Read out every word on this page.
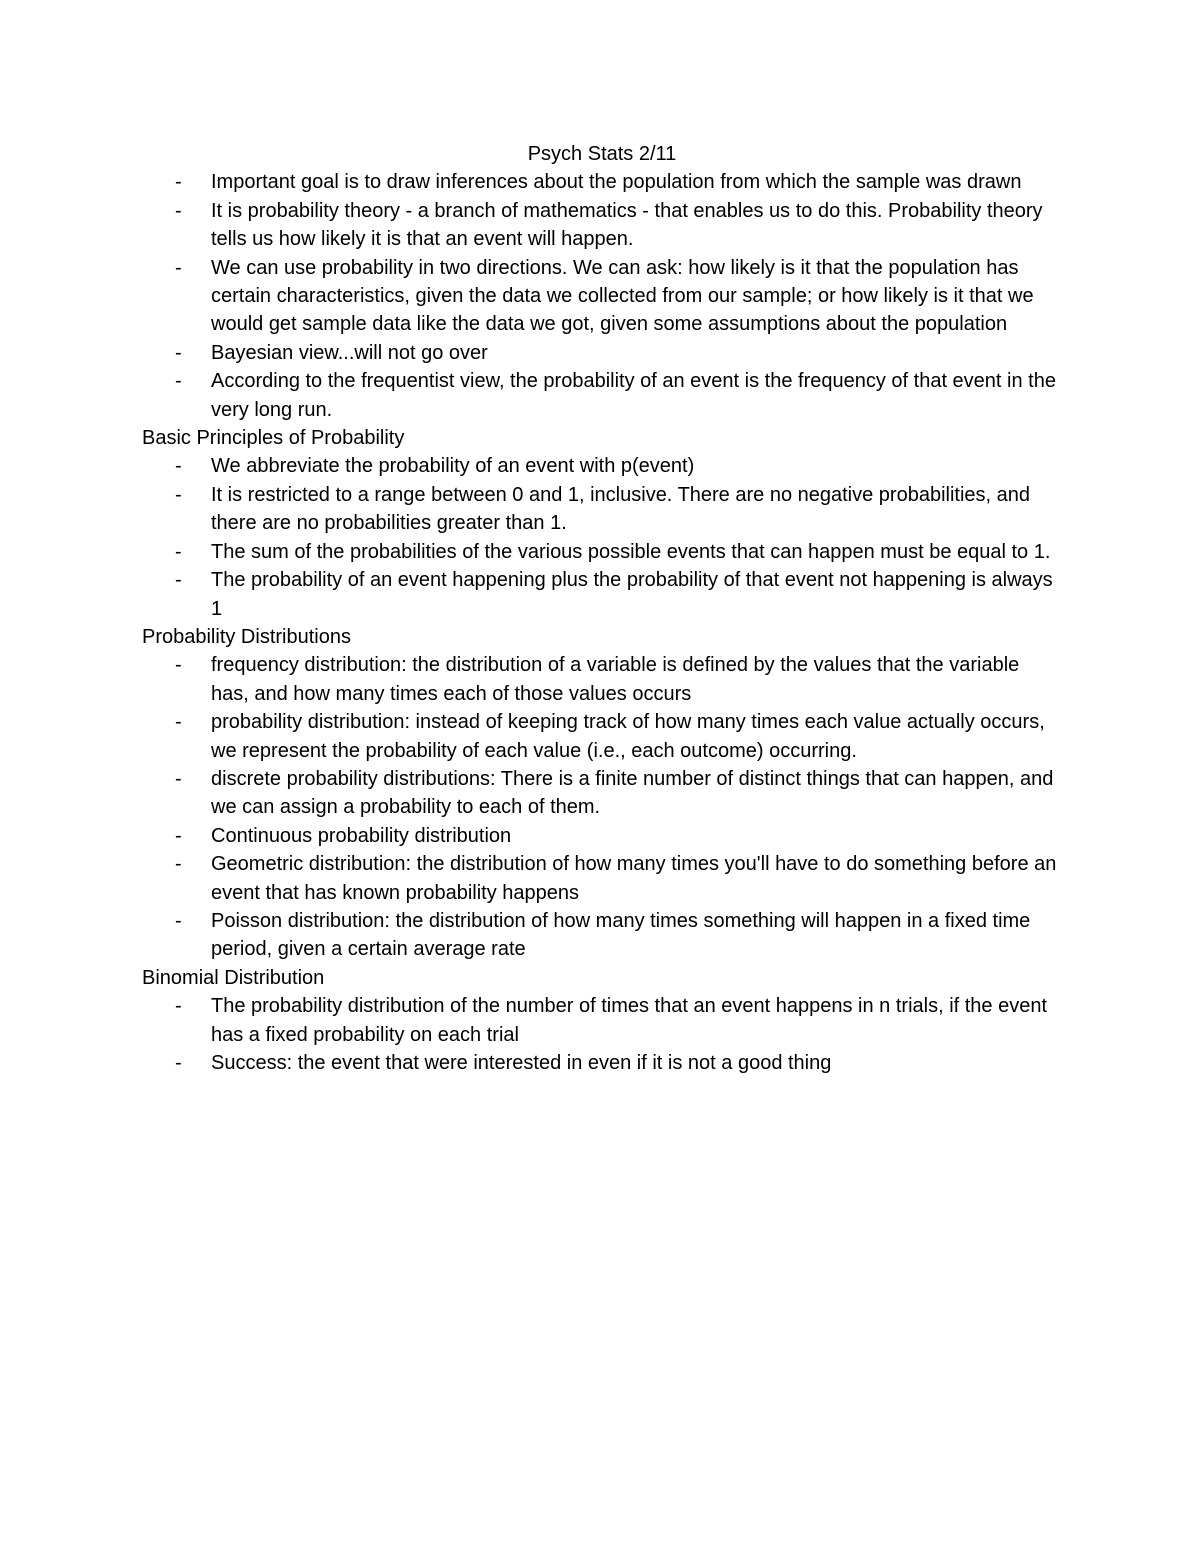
Psych Stats 2/11

- Important goal is to draw inferences about the population from which the sample was drawn
- It is probability theory - a branch of mathematics - that enables us to do this. Probability theory tells us how likely it is that an event will happen.
- We can use probability in two directions. We can ask: how likely is it that the population has certain characteristics, given the data we collected from our sample; or how likely is it that we would get sample data like the data we got, given some assumptions about the population
- Bayesian view...will not go over
- According to the frequentist view, the probability of an event is the frequency of that event in the very long run.

Basic Principles of Probability

- We abbreviate the probability of an event with p(event)
- It is restricted to a range between 0 and 1, inclusive. There are no negative probabilities, and there are no probabilities greater than 1.
- The sum of the probabilities of the various possible events that can happen must be equal to 1.
- The probability of an event happening plus the probability of that event not happening is always 1

Probability Distributions

- frequency distribution: the distribution of a variable is defined by the values that the variable has, and how many times each of those values occurs
- probability distribution: instead of keeping track of how many times each value actually occurs, we represent the probability of each value (i.e., each outcome) occurring.
- discrete probability distributions: There is a finite number of distinct things that can happen, and we can assign a probability to each of them.
- Continuous probability distribution
- Geometric distribution: the distribution of how many times you'll have to do something before an event that has known probability happens
- Poisson distribution: the distribution of how many times something will happen in a fixed time period, given a certain average rate

Binomial Distribution

- The probability distribution of the number of times that an event happens in n trials, if the event has a fixed probability on each trial
- Success: the event that were interested in even if it is not a good thing
